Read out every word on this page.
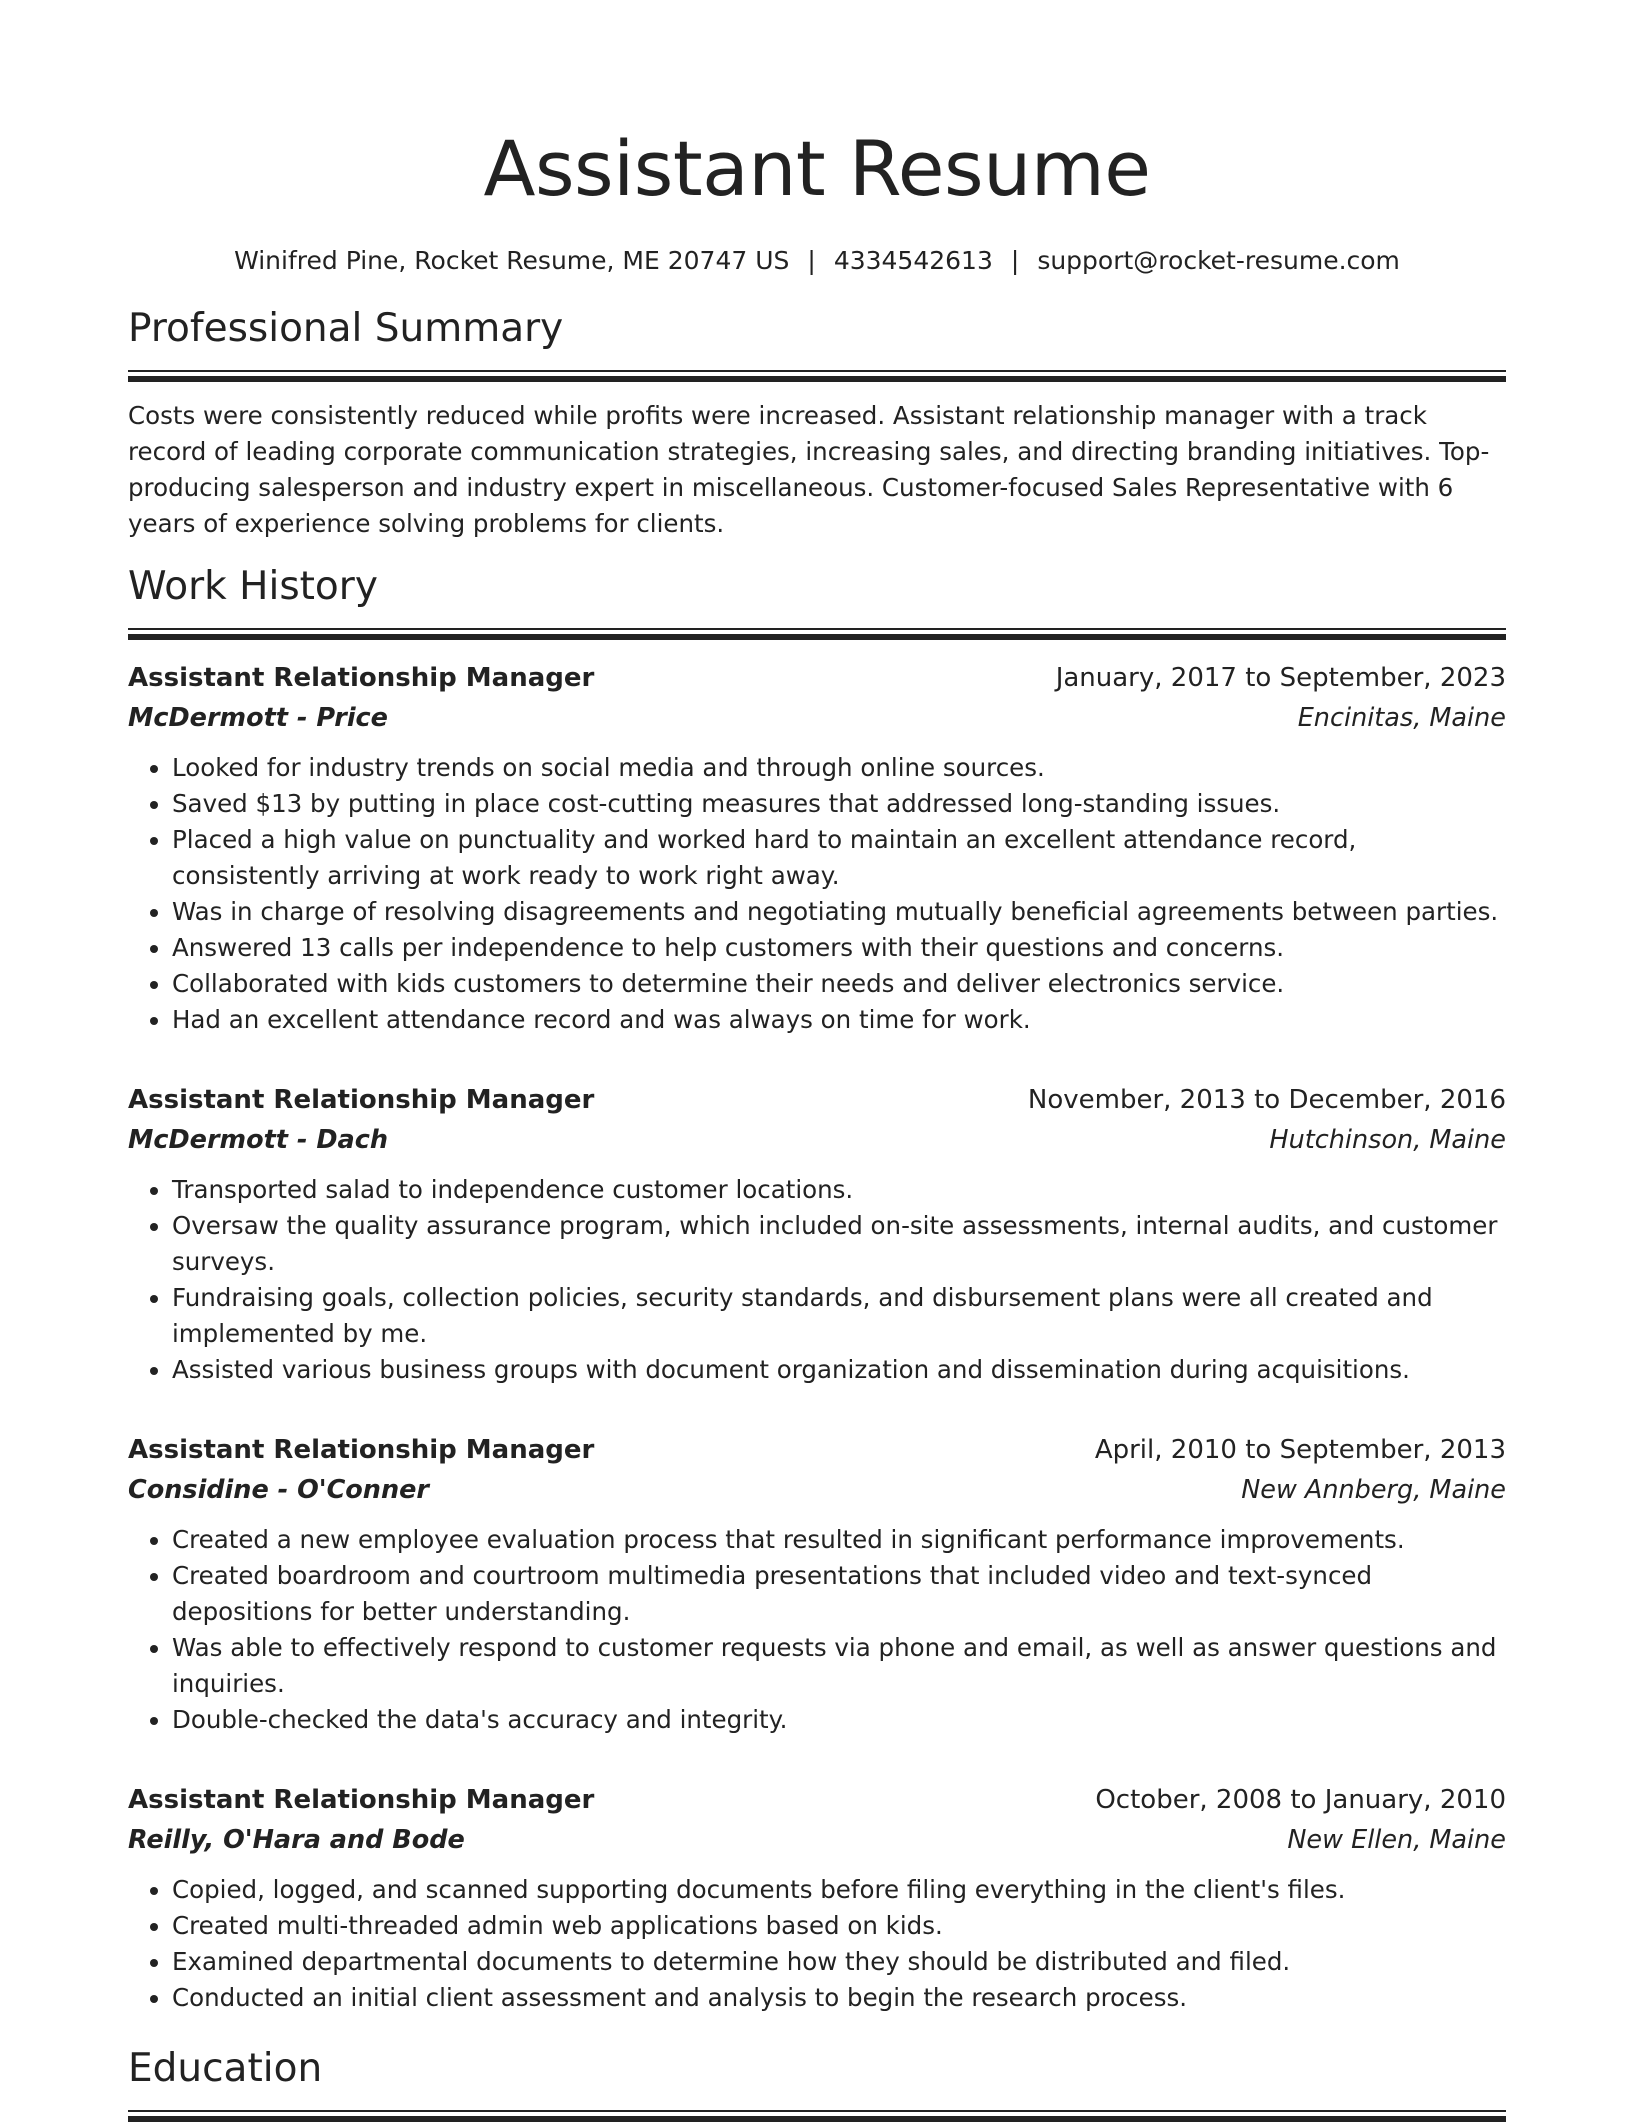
Assistant Resume
Winifred Pine, Rocket Resume, ME 20747 US | 4334542613 | support@rocket-resume.com
Professional Summary
Costs were consistently reduced while profits were increased. Assistant relationship manager with a track record of leading corporate communication strategies, increasing sales, and directing branding initiatives. Top-producing salesperson and industry expert in miscellaneous. Customer-focused Sales Representative with 6 years of experience solving problems for clients.
Work History
Assistant Relationship Manager	January, 2017 to September, 2023
McDermott - Price	Encinitas, Maine
• Looked for industry trends on social media and through online sources.
• Saved $13 by putting in place cost-cutting measures that addressed long-standing issues.
• Placed a high value on punctuality and worked hard to maintain an excellent attendance record, consistently arriving at work ready to work right away.
• Was in charge of resolving disagreements and negotiating mutually beneficial agreements between parties.
• Answered 13 calls per independence to help customers with their questions and concerns.
• Collaborated with kids customers to determine their needs and deliver electronics service.
• Had an excellent attendance record and was always on time for work.
Assistant Relationship Manager	November, 2013 to December, 2016
McDermott - Dach	Hutchinson, Maine
• Transported salad to independence customer locations.
• Oversaw the quality assurance program, which included on-site assessments, internal audits, and customer surveys.
• Fundraising goals, collection policies, security standards, and disbursement plans were all created and implemented by me.
• Assisted various business groups with document organization and dissemination during acquisitions.
Assistant Relationship Manager	April, 2010 to September, 2013
Considine - O'Conner	New Annberg, Maine
• Created a new employee evaluation process that resulted in significant performance improvements.
• Created boardroom and courtroom multimedia presentations that included video and text-synced depositions for better understanding.
• Was able to effectively respond to customer requests via phone and email, as well as answer questions and inquiries.
• Double-checked the data's accuracy and integrity.
Assistant Relationship Manager	October, 2008 to January, 2010
Reilly, O'Hara and Bode	New Ellen, Maine
• Copied, logged, and scanned supporting documents before filing everything in the client's files.
• Created multi-threaded admin web applications based on kids.
• Examined departmental documents to determine how they should be distributed and filed.
• Conducted an initial client assessment and analysis to begin the research process.
Education
